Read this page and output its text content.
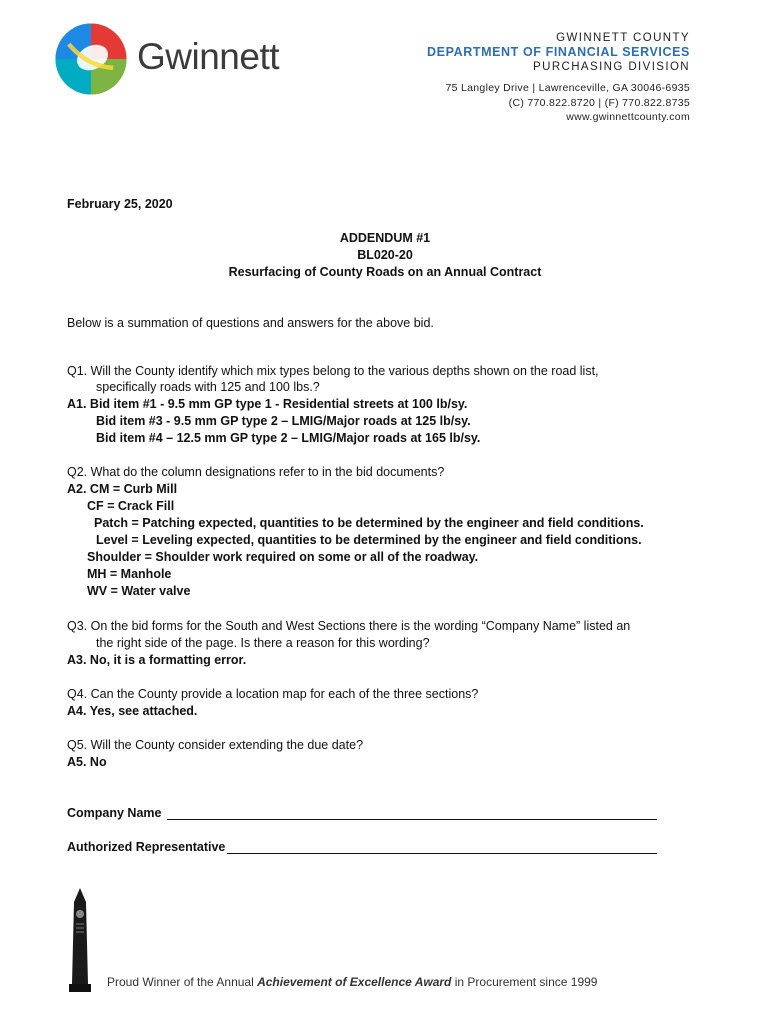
Gwinnett	GWINNETT COUNTY
DEPARTMENT OF FINANCIAL SERVICES
PURCHASING DIVISION
75 Langley Drive | Lawrenceville, GA 30046-6935
(C) 770.822.8720 | (F) 770.822.8735
www.gwinnettcounty.com
February 25, 2020
ADDENDUM #1
BL020-20
Resurfacing of County Roads on an Annual Contract
Below is a summation of questions and answers for the above bid.
Q1. Will the County identify which mix types belong to the various depths shown on the road list,
specifically roads with 125 and 100 lbs.?
A1. Bid item #1 - 9.5 mm GP type 1 - Residential streets at 100 lb/sy.
Bid item #3 - 9.5 mm GP type 2 – LMIG/Major roads at 125 lb/sy.
Bid item #4 – 12.5 mm GP type 2 – LMIG/Major roads at 165 lb/sy.
Q2. What do the column designations refer to in the bid documents?
A2. CM = Curb Mill
CF = Crack Fill
Patch = Patching expected, quantities to be determined by the engineer and field conditions.
Level = Leveling expected, quantities to be determined by the engineer and field conditions.
Shoulder = Shoulder work required on some or all of the roadway.
MH = Manhole
WV = Water valve
Q3. On the bid forms for the South and West Sections there is the wording “Company Name” listed an
the right side of the page. Is there a reason for this wording?
A3. No, it is a formatting error.
Q4. Can the County provide a location map for each of the three sections?
A4. Yes, see attached.
Q5. Will the County consider extending the due date?
A5. No
Company Name
Authorized Representative
Proud Winner of the Annual Achievement of Excellence Award in Procurement since 1999
